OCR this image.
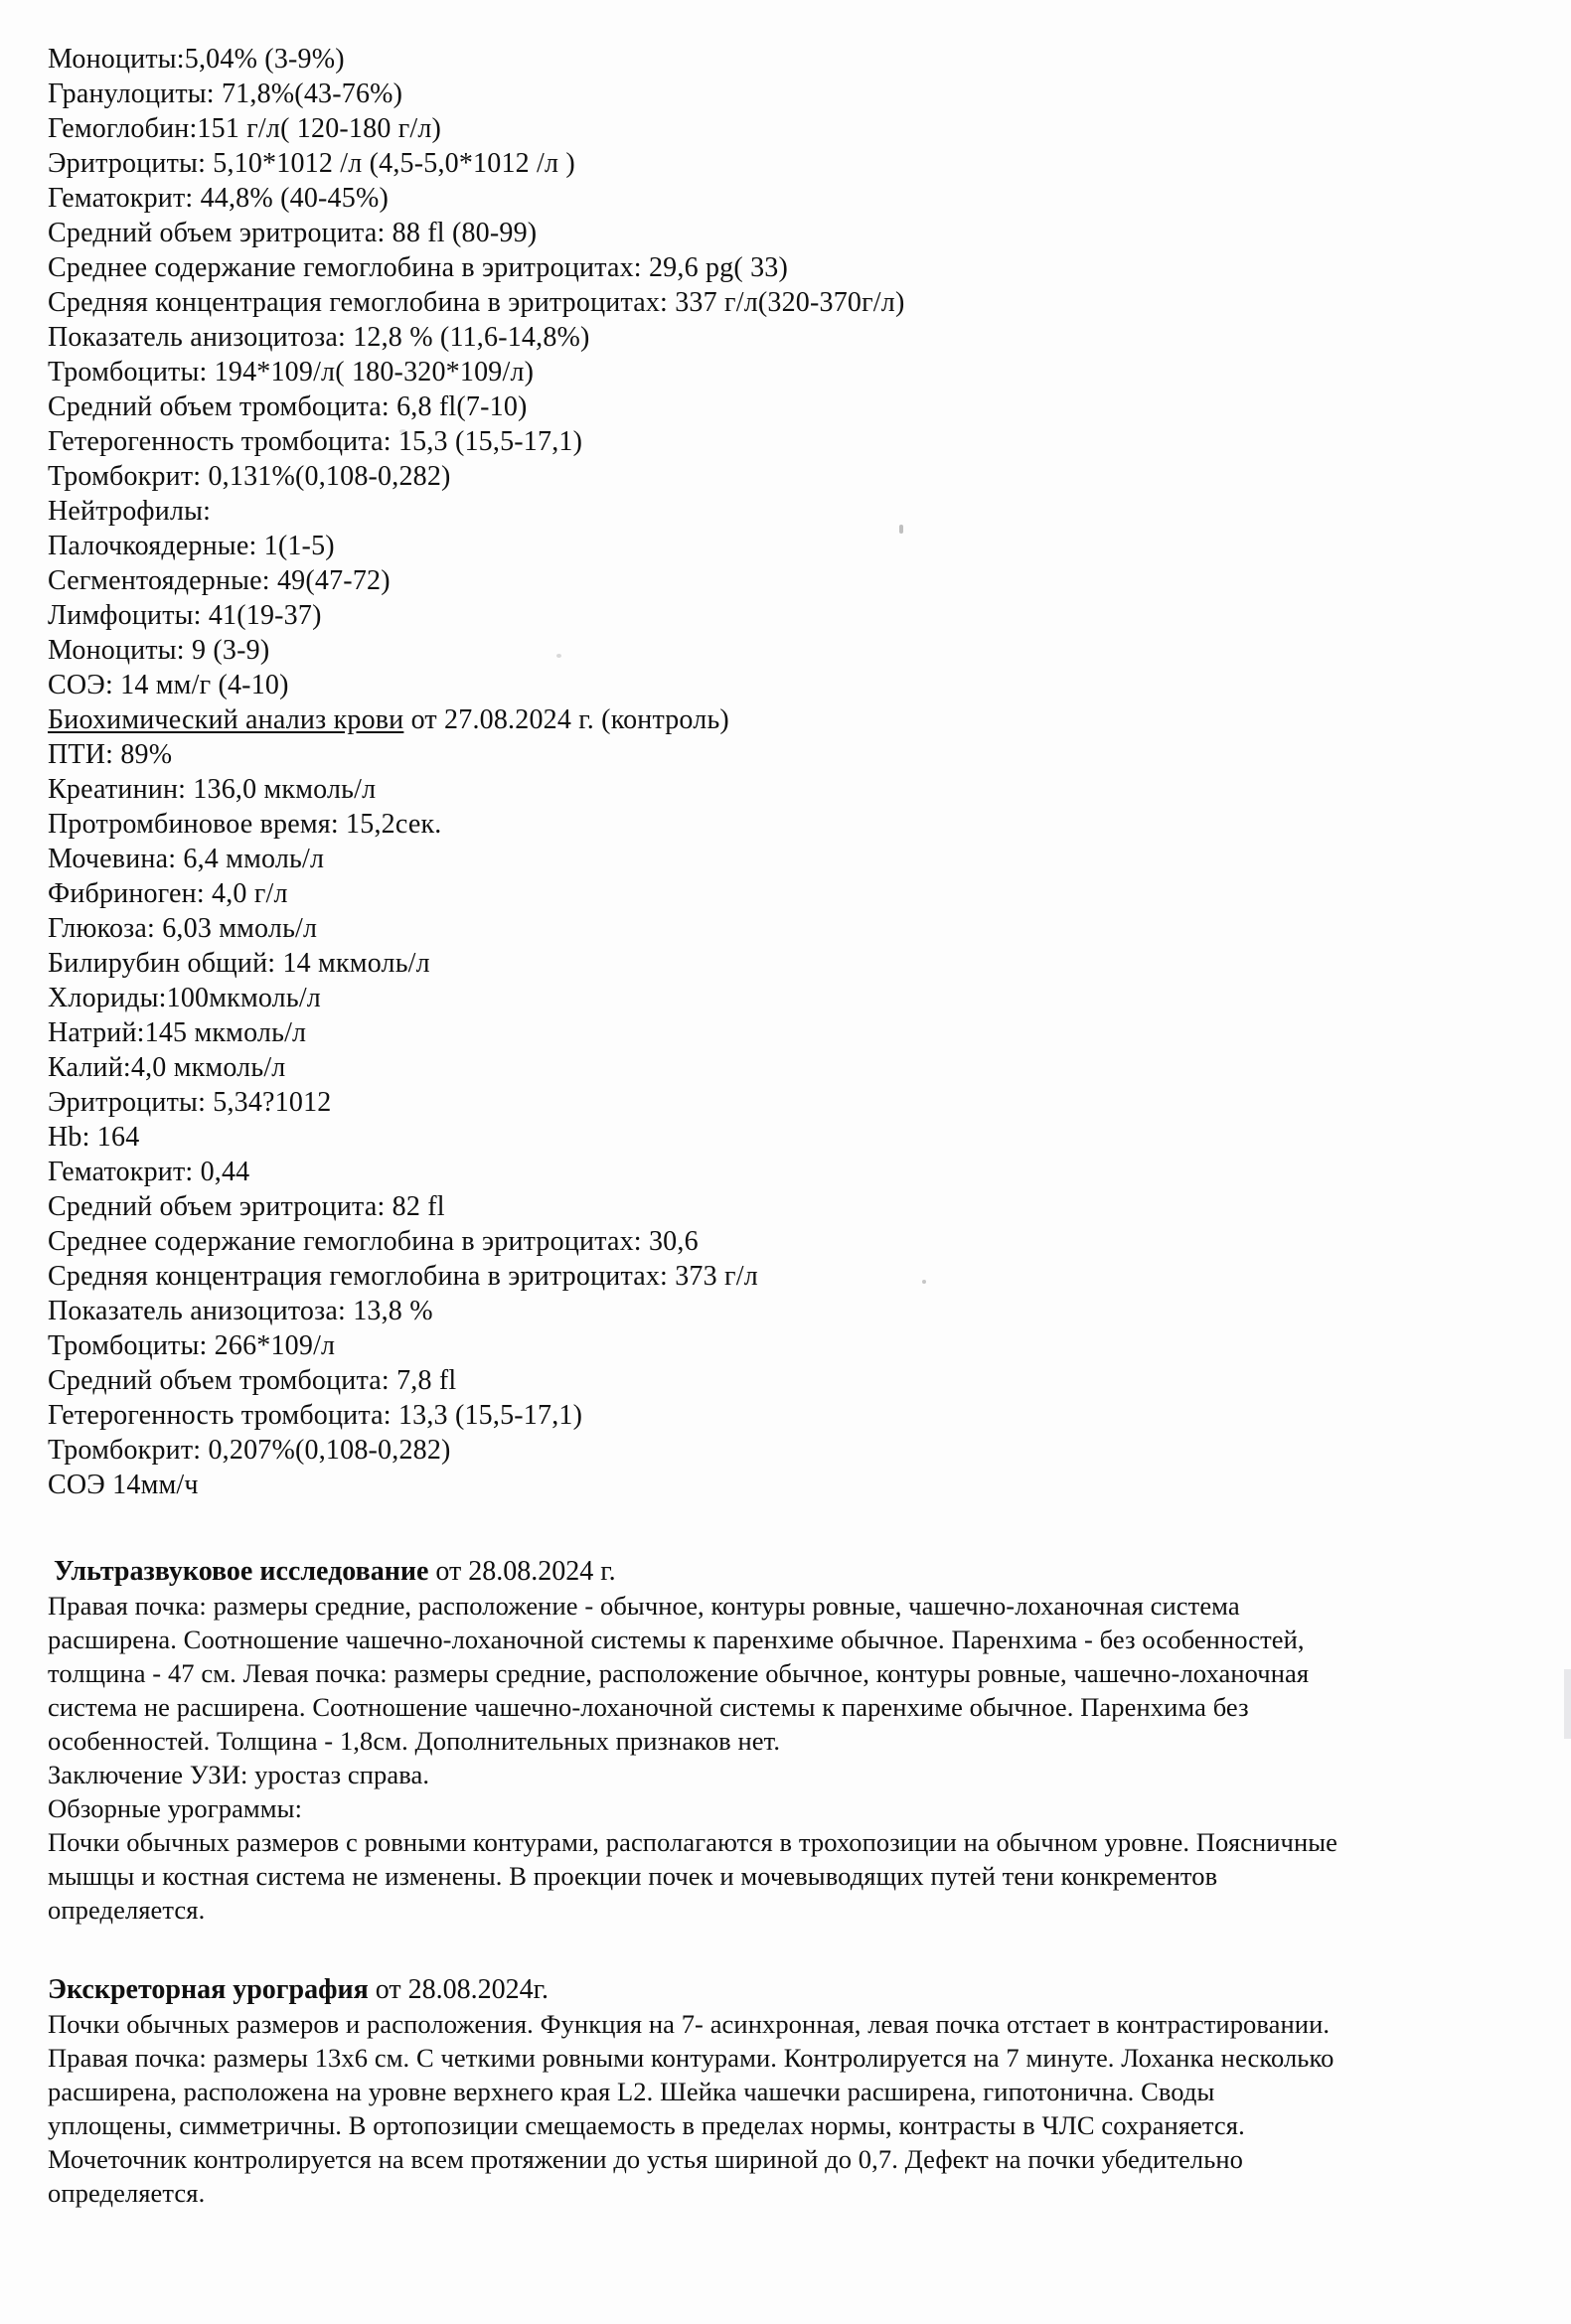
Моноциты:5,04% (3-9%)
Гранулоциты: 71,8%(43-76%)
Гемоглобин:151 г/л( 120-180 г/л)
Эритроциты: 5,10*1012 /л (4,5-5,0*1012 /л )
Гематокрит: 44,8% (40-45%)
Средний объем эритроцита: 88 fl (80-99)
Среднее содержание гемоглобина в эритроцитах: 29,6 pg( 33)
Средняя концентрация гемоглобина в эритроцитах: 337 г/л(320-370г/л)
Показатель анизоцитоза: 12,8 % (11,6-14,8%)
Тромбоциты: 194*109/л( 180-320*109/л)
Средний объем тромбоцита: 6,8 fl(7-10)
Гетерогенность тромбоцита: 15,3 (15,5-17,1)
Тромбокрит: 0,131%(0,108-0,282)
Нейтрофилы:
Палочкоядерные: 1(1-5)
Сегментоядерные: 49(47-72)
Лимфоциты: 41(19-37)
Моноциты: 9 (3-9)
СОЭ: 14 мм/г (4-10)
Биохимический анализ крови от 27.08.2024 г. (контроль)
ПТИ: 89%
Креатинин: 136,0 мкмоль/л
Протромбиновое время: 15,2сек.
Мочевина: 6,4 ммоль/л
Фибриноген: 4,0 г/л
Глюкоза: 6,03 ммоль/л
Билирубин общий: 14 мкмоль/л
Хлориды:100мкмоль/л
Натрий:145 мкмоль/л
Калий:4,0 мкмоль/л
Эритроциты: 5,34?1012
Hb: 164
Гематокрит: 0,44
Средний объем эритроцита: 82 fl
Среднее содержание гемоглобина в эритроцитах: 30,6
Средняя концентрация гемоглобина в эритроцитах: 373 г/л
Показатель анизоцитоза: 13,8 %
Тромбоциты: 266*109/л
Средний объем тромбоцита: 7,8 fl
Гетерогенность тромбоцита: 13,3 (15,5-17,1)
Тромбокрит: 0,207%(0,108-0,282)
СОЭ 14мм/ч
Ультразвуковое исследование от 28.08.2024 г.
Правая почка: размеры средние, расположение - обычное, контуры ровные, чашечно-лоханочная система
расширена. Соотношение чашечно-лоханочной системы к паренхиме обычное. Паренхима - без особенностей,
толщина - 47 см. Левая почка: размеры средние, расположение обычное, контуры ровные, чашечно-лоханочная
система не расширена. Соотношение чашечно-лоханочной системы к паренхиме обычное. Паренхима без
особенностей. Толщина - 1,8см. Дополнительных признаков нет.
Заключение УЗИ: уростаз справа.
Обзорные урограммы:
Почки обычных размеров с ровными контурами, располагаются в трохопозиции на обычном уровне. Поясничные
мышцы и костная система не изменены. В проекции почек и мочевыводящих путей тени конкрементов
определяется.
Экскреторная урография от 28.08.2024г.
Почки обычных размеров и расположения. Функция на 7- асинхронная, левая почка отстает в контрастировании.
Правая почка: размеры 13х6 см. С четкими ровными контурами. Контролируется на 7 минуте. Лоханка несколько
расширена, расположена на уровне верхнего края L2. Шейка чашечки расширена, гипотонична. Своды
уплощены, симметричны. В ортопозиции смещаемость в пределах нормы, контрасты в ЧЛС сохраняется.
Мочеточник контролируется на всем протяжении до устья шириной до 0,7. Дефект на почки убедительно
определяется.
